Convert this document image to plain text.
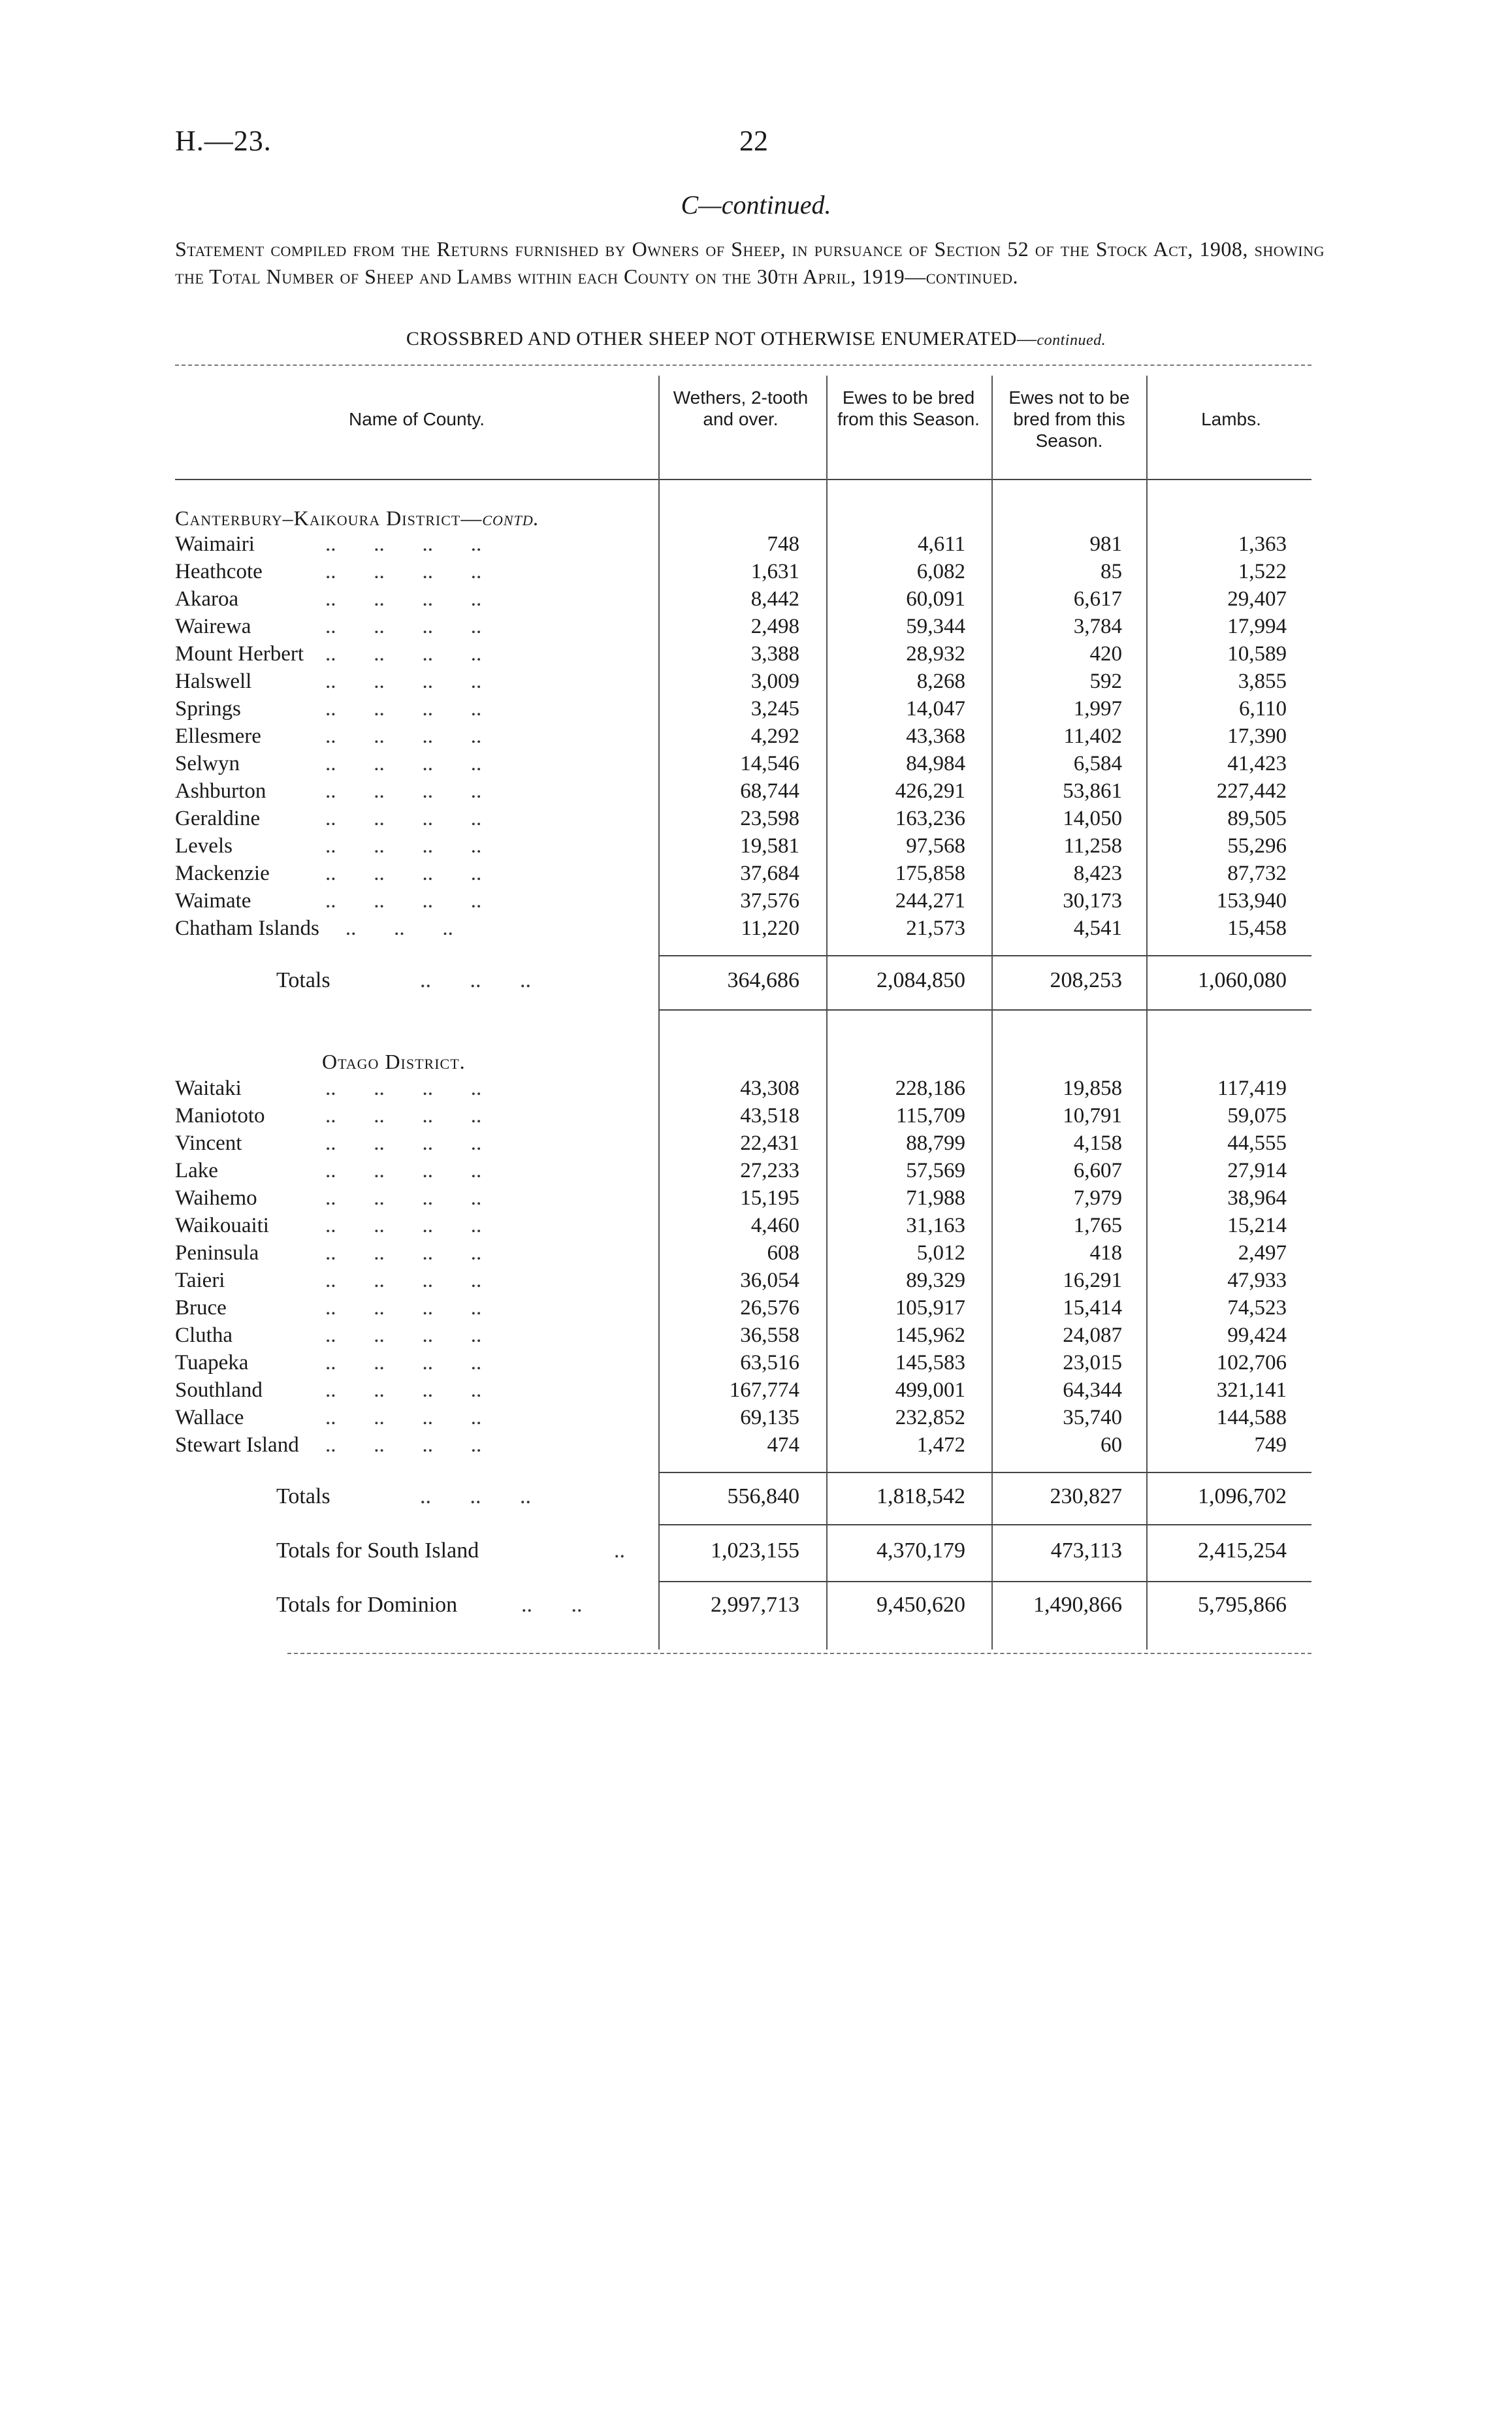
H.—23.	22
C—continued.
Statement compiled from the Returns furnished by Owners of Sheep, in pursuance of Section 52 of the Stock Act, 1908, showing the Total Number of Sheep and Lambs within each County on the 30th April, 1919—continued.
CROSSBRED AND OTHER SHEEP NOT OTHERWISE ENUMERATED—continued.
Name of County.
Wethers, 2-tooth and over.
Ewes to be bred from this Season.
Ewes not to be bred from this Season.
Lambs.
Canterbury–Kaikoura District—contd.
Waimairi	..       ..       ..       ..	748	4,611	981	1,363
Heathcote	..       ..       ..       ..	1,631	6,082	85	1,522
Akaroa	..       ..       ..       ..	8,442	60,091	6,617	29,407
Wairewa	..       ..       ..       ..	2,498	59,344	3,784	17,994
Mount Herbert ..       ..       ..       ..	3,388	28,932	420	10,589
Halswell	..       ..       ..       ..	3,009	8,268	592	3,855
Springs	..       ..       ..       ..	3,245	14,047	1,997	6,110
Ellesmere	..       ..       ..       ..	4,292	43,368	11,402	17,390
Selwyn	..       ..       ..       ..	14,546	84,984	6,584	41,423
Ashburton	..       ..       ..       ..	68,744	426,291	53,861	227,442
Geraldine	..       ..       ..       ..	23,598	163,236	14,050	89,505
Levels	..       ..       ..       ..	19,581	97,568	11,258	55,296
Mackenzie	..       ..       ..       ..	37,684	175,858	8,423	87,732
Waimate	..       ..       ..       ..	37,576	244,271	30,173	153,940
Chatham Islands ..       ..       ..	11,220	21,573	4,541	15,458
Totals	..       ..       ..	364,686	2,084,850	208,253	1,060,080
Otago District.
Waitaki	..       ..       ..       ..	43,308	228,186	19,858	117,419
Maniototo	..       ..       ..       ..	43,518	115,709	10,791	59,075
Vincent	..       ..       ..       ..	22,431	88,799	4,158	44,555
Lake	..       ..       ..       ..	27,233	57,569	6,607	27,914
Waihemo	..       ..       ..       ..	15,195	71,988	7,979	38,964
Waikouaiti	..       ..       ..       ..	4,460	31,163	1,765	15,214
Peninsula	..       ..       ..       ..	608	5,012	418	2,497
Taieri	..       ..       ..       ..	36,054	89,329	16,291	47,933
Bruce	..       ..       ..       ..	26,576	105,917	15,414	74,523
Clutha	..       ..       ..       ..	36,558	145,962	24,087	99,424
Tuapeka	..       ..       ..       ..	63,516	145,583	23,015	102,706
Southland	..       ..       ..       ..	167,774	499,001	64,344	321,141
Wallace	..       ..       ..       ..	69,135	232,852	35,740	144,588
Stewart Island ..       ..       ..       ..	474	1,472	60	749
Totals	..       ..       ..	556,840	1,818,542	230,827	1,096,702
Totals for South Island	..	1,023,155	4,370,179	473,113	2,415,254
Totals for Dominion	..       ..	2,997,713	9,450,620	1,490,866	5,795,866
